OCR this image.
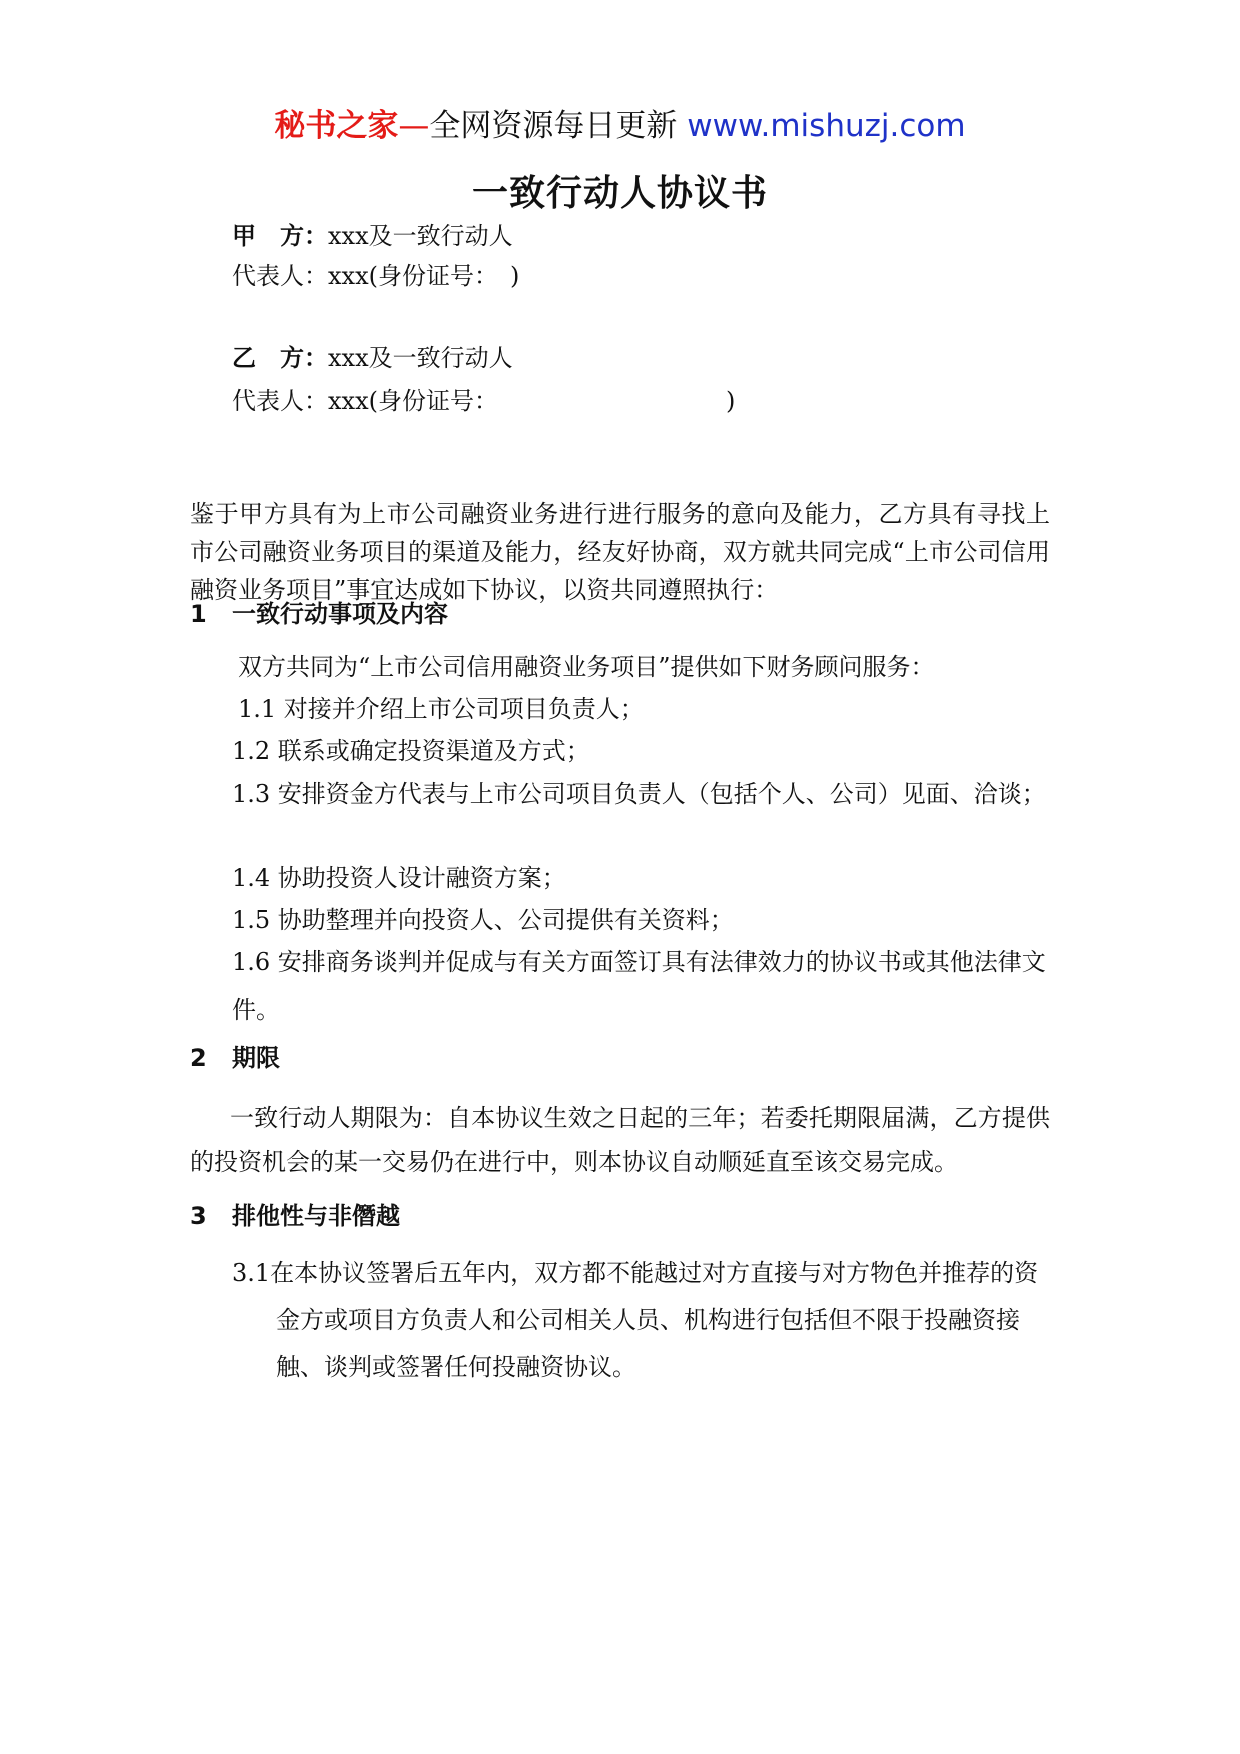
秘书之家—全网资源每日更新 www.mishuzj.com
一致行动人协议书
甲　方：xxx及一致行动人
代表人：xxx(身份证号：　)
乙　方：xxx及一致行动人
代表人：xxx(身份证号：　　　　　　　　　　)
鉴于甲方具有为上市公司融资业务进行进行服务的意向及能力，乙方具有寻找上市公司融资业务项目的渠道及能力，经友好协商，双方就共同完成“上市公司信用融资业务项目”事宜达成如下协议，以资共同遵照执行：
1 一致行动事项及内容
双方共同为“上市公司信用融资业务项目”提供如下财务顾问服务：
1.1 对接并介绍上市公司项目负责人；
1.2 联系或确定投资渠道及方式；
1.3 安排资金方代表与上市公司项目负责人（包括个人、公司）见面、洽谈；
1.4 协助投资人设计融资方案；
1.5 协助整理并向投资人、公司提供有关资料；
1.6 安排商务谈判并促成与有关方面签订具有法律效力的协议书或其他法律文件。
2 期限
一致行动人期限为：自本协议生效之日起的三年；若委托期限届满，乙方提供的投资机会的某一交易仍在进行中，则本协议自动顺延直至该交易完成。
3 排他性与非僭越
3.1在本协议签署后五年内，双方都不能越过对方直接与对方物色并推荐的资金方或项目方负责人和公司相关人员、机构进行包括但不限于投融资接触、谈判或签署任何投融资协议。
